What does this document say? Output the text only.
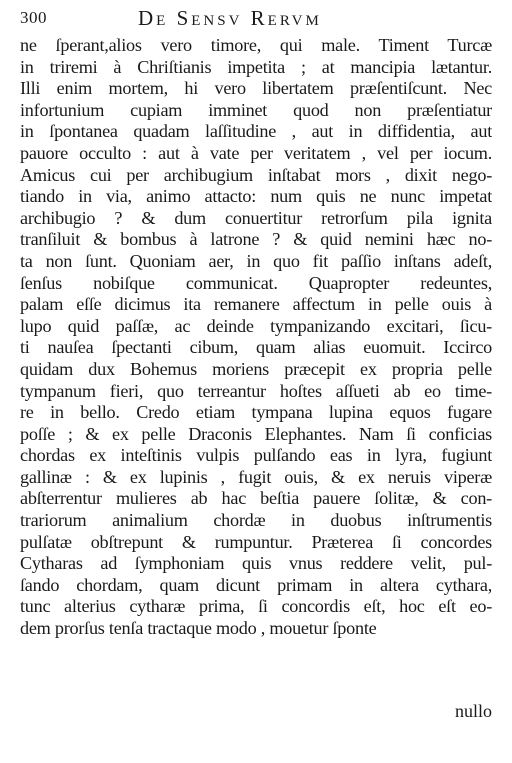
300	De Sensv Rervm
ne ſperant,alios vero timore, qui male. Timent Turcæ
in triremi à Chriſtianis impetita ; at mancipia lætantur.
Illi enim mortem, hi vero libertatem præſentiſcunt. Nec
infortunium cupiam imminet quod non præſentiatur
in ſpontanea quadam laſſitudine , aut in diffidentia, aut
pauore occulto : aut à vate per veritatem , vel per iocum.
Amicus cui per archibugium inſtabat mors , dixit nego-
tiando in via, animo attacto: num quis ne nunc impetat
archibugio ? & dum conuertitur retrorſum pila ignita
tranſiluit & bombus à latrone ? & quid nemini hæc no-
ta non ſunt. Quoniam aer, in quo fit paſſio inſtans adeſt,
ſenſus nobiſque communicat. Quapropter redeuntes,
palam eſſe dicimus ita remanere affectum in pelle ouis à
lupo quid paſſæ, ac deinde tympanizando excitari, ſicu-
ti nauſea ſpectanti cibum, quam alias euomuit. Iccirco
quidam dux Bohemus moriens præcepit ex propria pelle
tympanum fieri, quo terreantur hoſtes aſſueti ab eo time-
re in bello. Credo etiam tympana lupina equos fugare
poſſe ; & ex pelle Draconis Elephantes. Nam ſi conficias
chordas ex inteſtinis vulpis pulſando eas in lyra, fugiunt
gallinæ : & ex lupinis , fugit ouis, & ex neruis viperæ
abſterrentur mulieres ab hac beſtia pauere ſolitæ, & con-
trariorum animalium chordæ in duobus inſtrumentis
pulſatæ obſtrepunt & rumpuntur. Præterea ſi concordes
Cytharas ad ſymphoniam quis vnus reddere velit, pul-
ſando chordam, quam dicunt primam in altera cythara,
tunc alterius cytharæ prima, ſi concordis eſt, hoc eſt eo-
dem prorſus tenſa tractaque modo , mouetur ſponte
nullo
